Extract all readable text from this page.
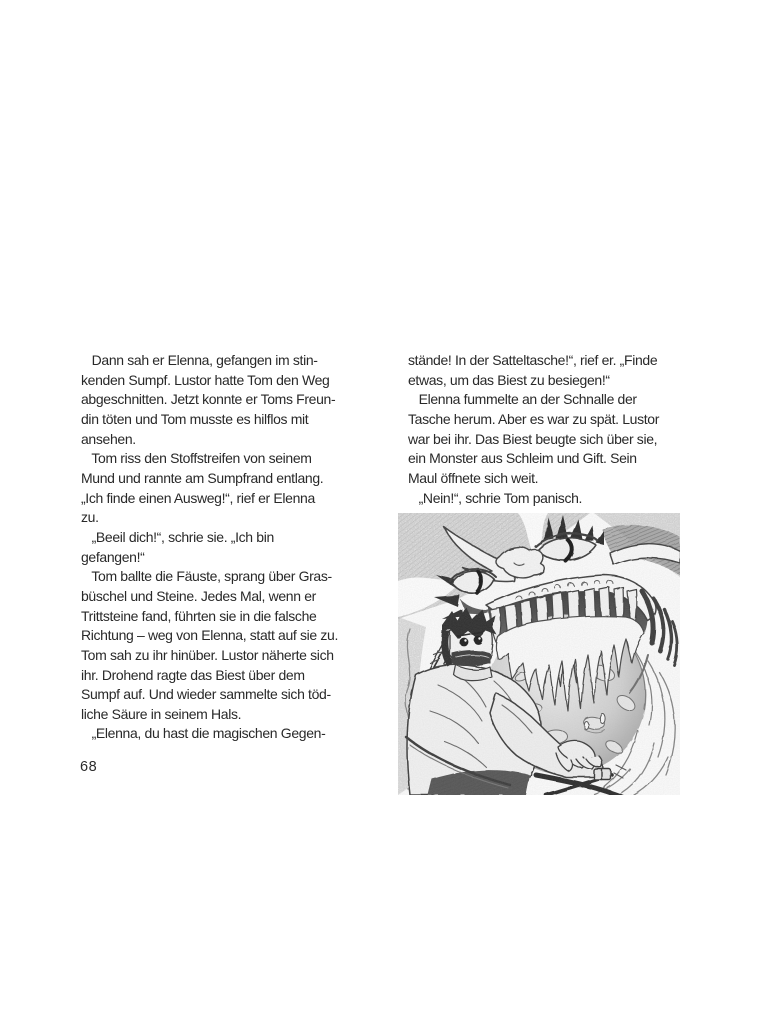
Dann sah er Elenna, gefangen im stin-
kenden Sumpf. Lustor hatte Tom den Weg
abgeschnitten. Jetzt konnte er Toms Freun-
din töten und Tom musste es hilflos mit
ansehen.
Tom riss den Stoffstreifen von seinem
Mund und rannte am Sumpfrand entlang.
„Ich finde einen Ausweg!“, rief er Elenna
zu.
„Beeil dich!“, schrie sie. „Ich bin
gefangen!“
Tom ballte die Fäuste, sprang über Gras-
büschel und Steine. Jedes Mal, wenn er
Trittsteine fand, führten sie in die falsche
Richtung – weg von Elenna, statt auf sie zu.
Tom sah zu ihr hinüber. Lustor näherte sich
ihr. Drohend ragte das Biest über dem
Sumpf auf. Und wieder sammelte sich töd-
liche Säure in seinem Hals.
„Elenna, du hast die magischen Gegen-
stände! In der Satteltasche!“, rief er. „Finde
etwas, um das Biest zu besiegen!“
Elenna fummelte an der Schnalle der
Tasche herum. Aber es war zu spät. Lustor
war bei ihr. Das Biest beugte sich über sie,
ein Monster aus Schleim und Gift. Sein
Maul öffnete sich weit.
„Nein!“, schrie Tom panisch.
68
